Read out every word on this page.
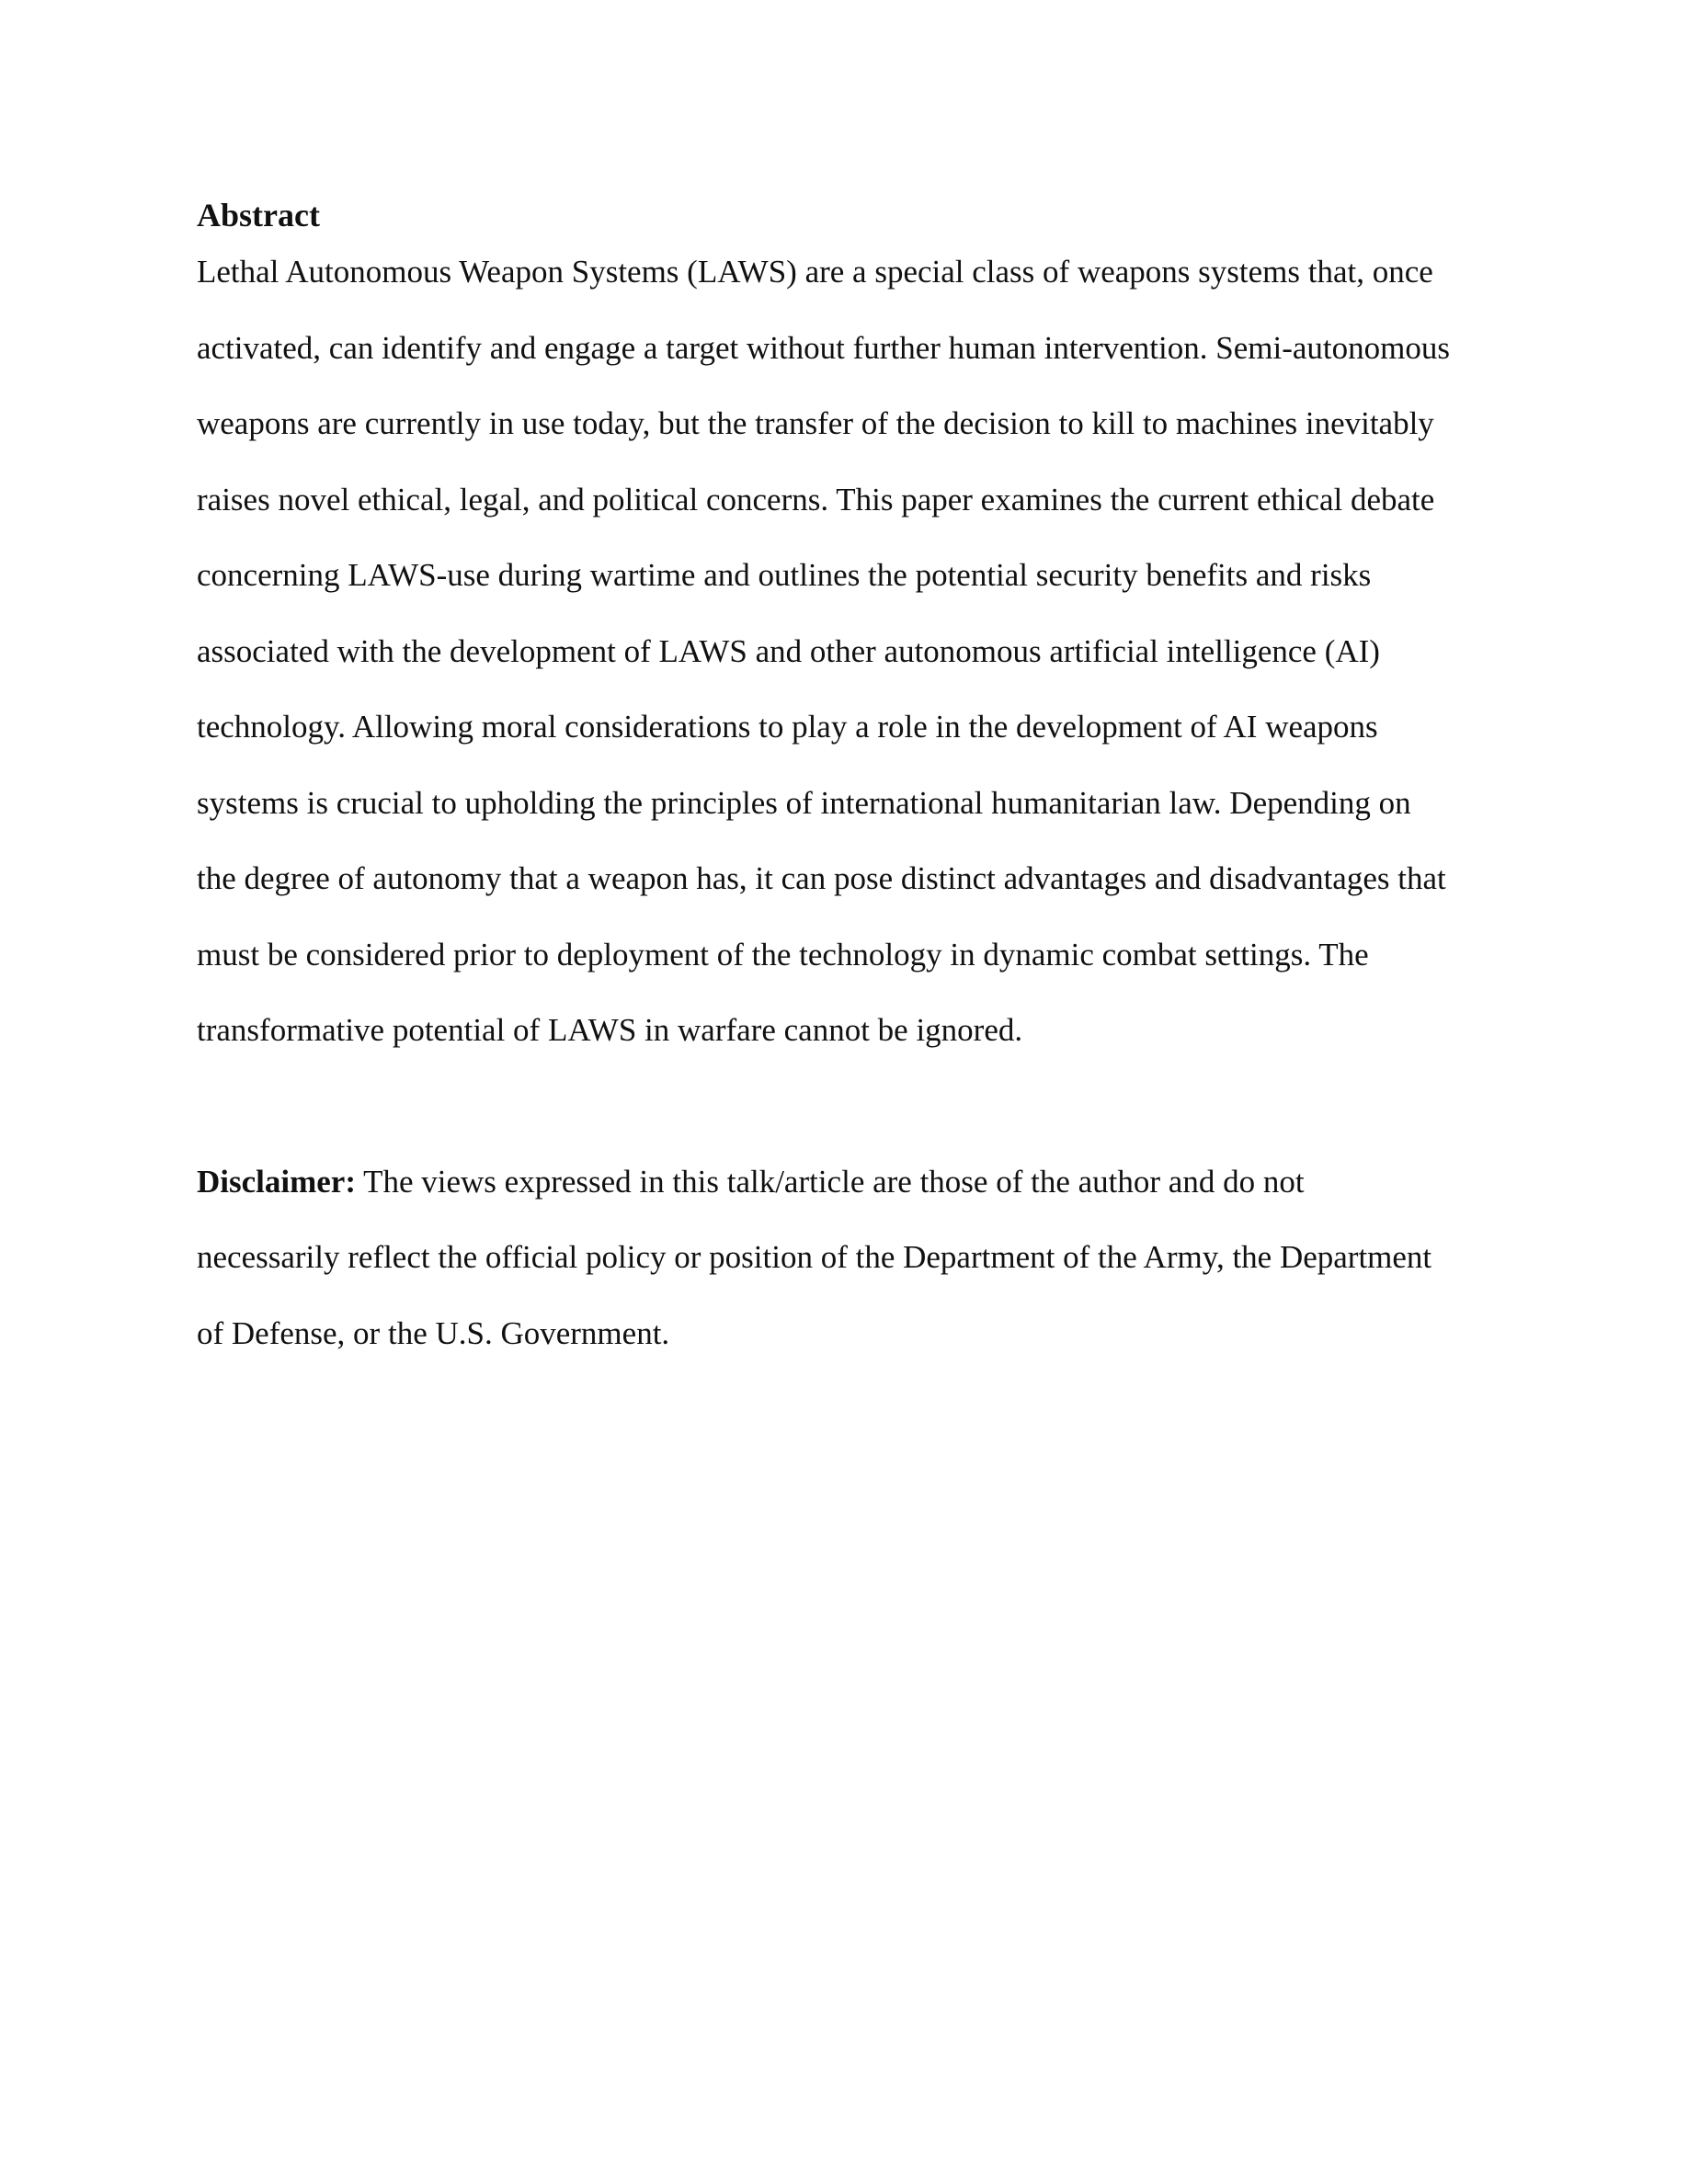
Abstract
Lethal Autonomous Weapon Systems (LAWS) are a special class of weapons systems that, once
activated, can identify and engage a target without further human intervention. Semi-autonomous
weapons are currently in use today, but the transfer of the decision to kill to machines inevitably
raises novel ethical, legal, and political concerns. This paper examines the current ethical debate
concerning LAWS-use during wartime and outlines the potential security benefits and risks
associated with the development of LAWS and other autonomous artificial intelligence (AI)
technology. Allowing moral considerations to play a role in the development of AI weapons
systems is crucial to upholding the principles of international humanitarian law. Depending on
the degree of autonomy that a weapon has, it can pose distinct advantages and disadvantages that
must be considered prior to deployment of the technology in dynamic combat settings. The
transformative potential of LAWS in warfare cannot be ignored.
Disclaimer: The views expressed in this talk/article are those of the author and do not
necessarily reflect the official policy or position of the Department of the Army, the Department
of Defense, or the U.S. Government.
